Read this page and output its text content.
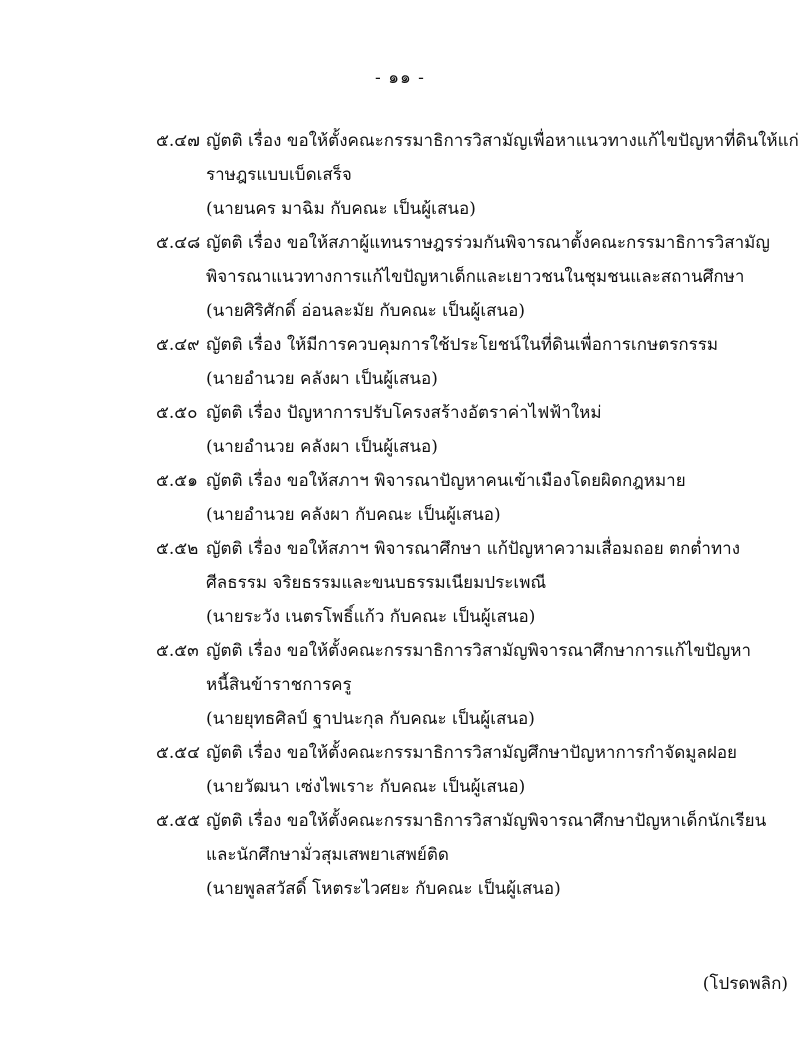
- ๑๑ -
๕.๔๗ ญัตติ เรื่อง ขอให้ตั้งคณะกรรมาธิการวิสามัญเพื่อหาแนวทางแก้ไขปัญหาที่ดินให้แก่
ราษฎรแบบเบ็ดเสร็จ
(นายนคร มาฉิม กับคณะ เป็นผู้เสนอ)
๕.๔๘ ญัตติ เรื่อง ขอให้สภาผู้แทนราษฎรร่วมกันพิจารณาตั้งคณะกรรมาธิการวิสามัญ
พิจารณาแนวทางการแก้ไขปัญหาเด็กและเยาวชนในชุมชนและสถานศึกษา
(นายศิริศักดิ์ อ่อนละมัย กับคณะ เป็นผู้เสนอ)
๕.๔๙ ญัตติ เรื่อง ให้มีการควบคุมการใช้ประโยชน์ในที่ดินเพื่อการเกษตรกรรม
(นายอำนวย คลังผา เป็นผู้เสนอ)
๕.๕๐ ญัตติ เรื่อง ปัญหาการปรับโครงสร้างอัตราค่าไฟฟ้าใหม่
(นายอำนวย คลังผา เป็นผู้เสนอ)
๕.๕๑ ญัตติ เรื่อง ขอให้สภาฯ พิจารณาปัญหาคนเข้าเมืองโดยผิดกฎหมาย
(นายอำนวย คลังผา กับคณะ เป็นผู้เสนอ)
๕.๕๒ ญัตติ เรื่อง ขอให้สภาฯ พิจารณาศึกษา แก้ปัญหาความเสื่อมถอย ตกต่ำทาง
ศีลธรรม จริยธรรมและขนบธรรมเนียมประเพณี
(นายระวัง เนตรโพธิ์แก้ว กับคณะ เป็นผู้เสนอ)
๕.๕๓ ญัตติ เรื่อง ขอให้ตั้งคณะกรรมาธิการวิสามัญพิจารณาศึกษาการแก้ไขปัญหา
หนี้สินข้าราชการครู
(นายยุทธศิลป์ ฐาปนะกุล กับคณะ เป็นผู้เสนอ)
๕.๕๔ ญัตติ เรื่อง ขอให้ตั้งคณะกรรมาธิการวิสามัญศึกษาปัญหาการกำจัดมูลฝอย
(นายวัฒนา เซ่งไพเราะ กับคณะ เป็นผู้เสนอ)
๕.๕๕ ญัตติ เรื่อง ขอให้ตั้งคณะกรรมาธิการวิสามัญพิจารณาศึกษาปัญหาเด็กนักเรียน
และนักศึกษามั่วสุมเสพยาเสพย์ติด
(นายพูลสวัสดิ์ โหตระไวศยะ กับคณะ เป็นผู้เสนอ)
(โปรดพลิก)
